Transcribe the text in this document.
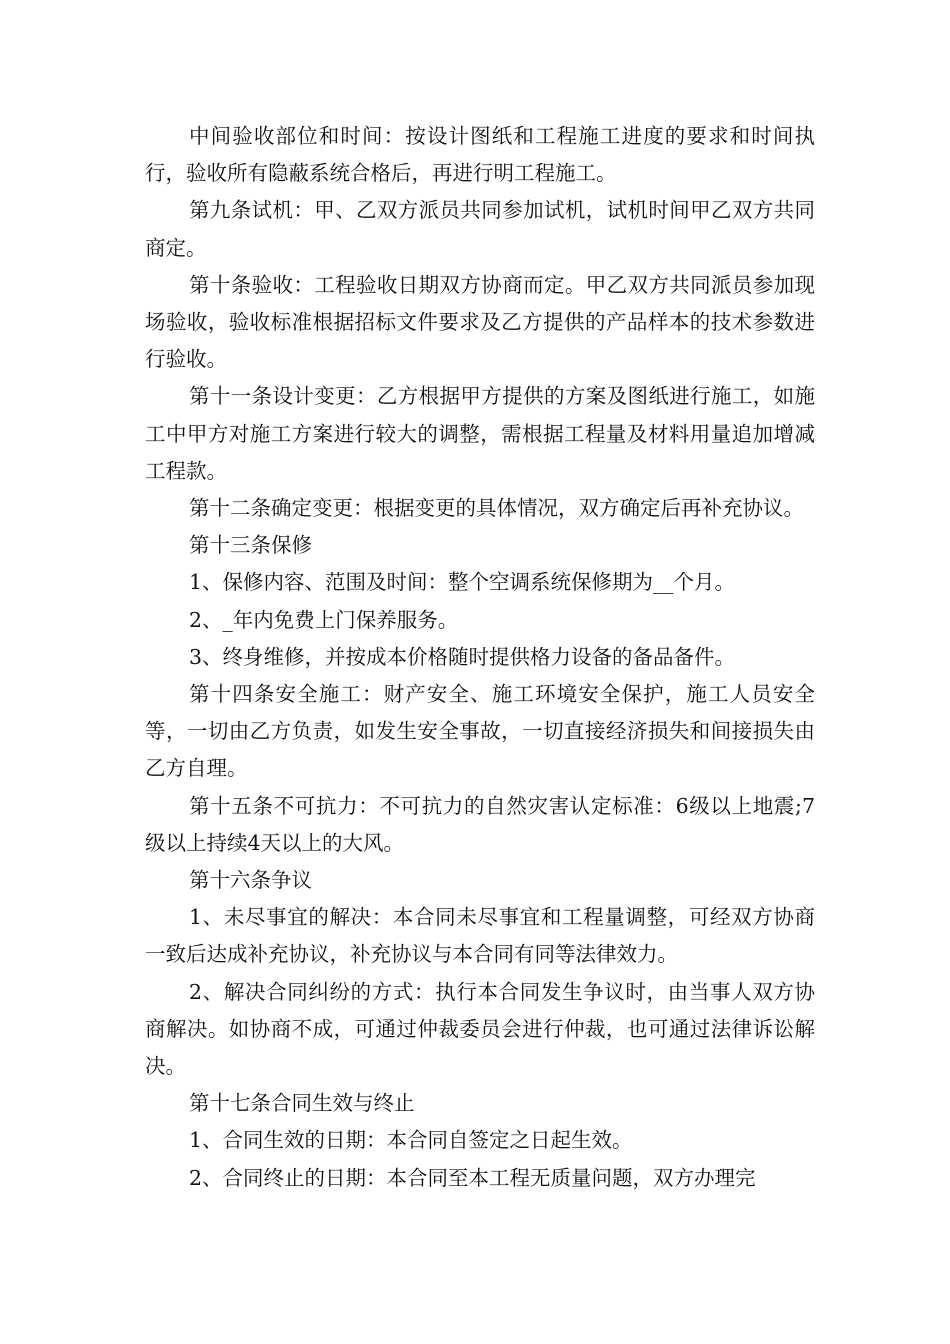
中间验收部位和时间：按设计图纸和工程施工进度的要求和时间执行，验收所有隐蔽系统合格后，再进行明工程施工。

第九条试机：甲、乙双方派员共同参加试机，试机时间甲乙双方共同商定。

第十条验收：工程验收日期双方协商而定。甲乙双方共同派员参加现场验收，验收标准根据招标文件要求及乙方提供的产品样本的技术参数进行验收。

第十一条设计变更：乙方根据甲方提供的方案及图纸进行施工，如施工中甲方对施工方案进行较大的调整，需根据工程量及材料用量追加增减工程款。

第十二条确定变更：根据变更的具体情况，双方确定后再补充协议。

第十三条保修

1、保修内容、范围及时间：整个空调系统保修期为__个月。

2、_年内免费上门保养服务。

3、终身维修，并按成本价格随时提供格力设备的备品备件。

第十四条安全施工：财产安全、施工环境安全保护，施工人员安全等，一切由乙方负责，如发生安全事故，一切直接经济损失和间接损失由乙方自理。

第十五条不可抗力：不可抗力的自然灾害认定标准：6级以上地震;7级以上持续4天以上的大风。

第十六条争议

1、未尽事宜的解决：本合同未尽事宜和工程量调整，可经双方协商一致后达成补充协议，补充协议与本合同有同等法律效力。

2、解决合同纠纷的方式：执行本合同发生争议时，由当事人双方协商解决。如协商不成，可通过仲裁委员会进行仲裁，也可通过法律诉讼解决。

第十七条合同生效与终止

1、合同生效的日期：本合同自签定之日起生效。

2、合同终止的日期：本合同至本工程无质量问题，双方办理完
